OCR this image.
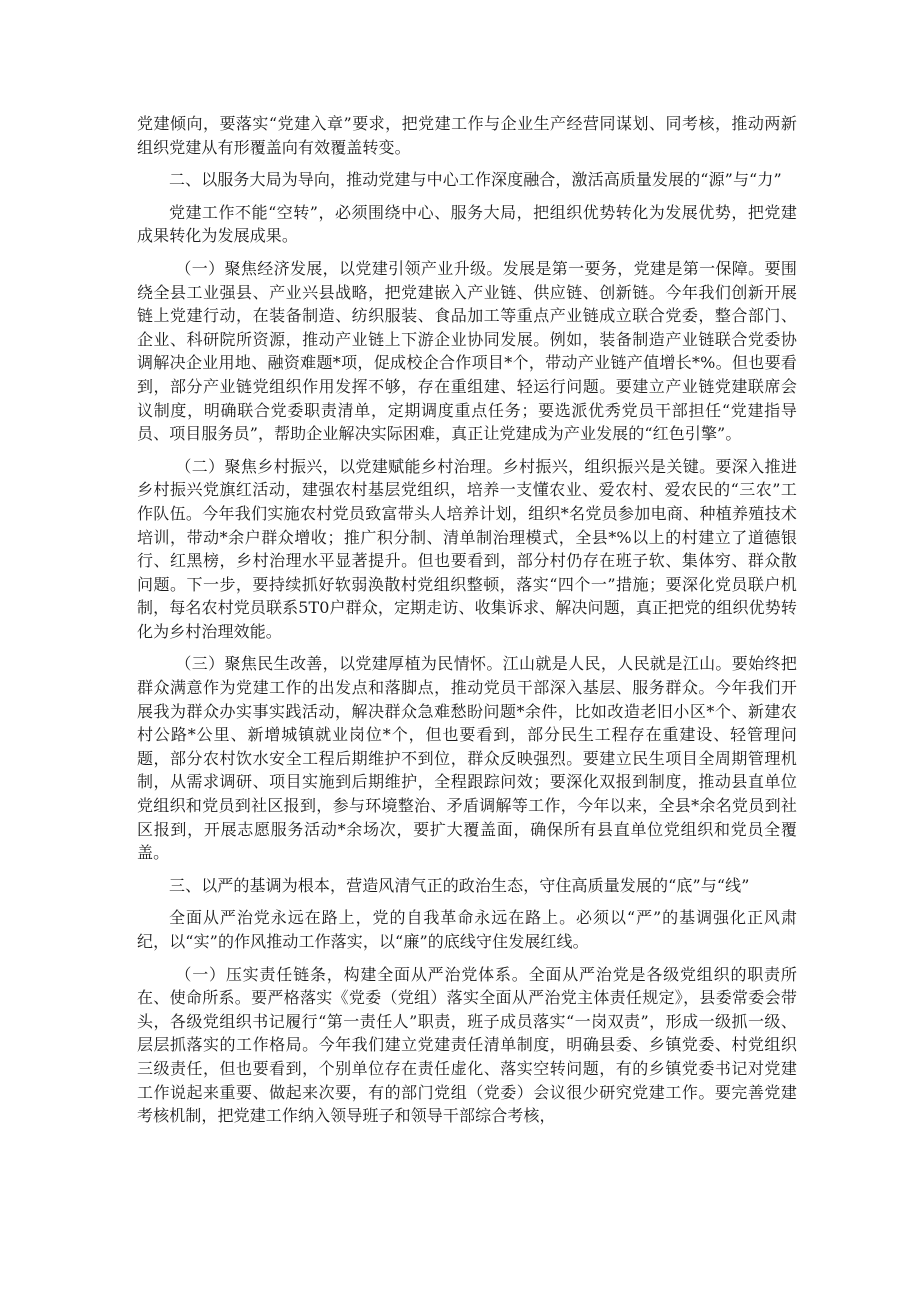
党建倾向，要落实“党建入章”要求，把党建工作与企业生产经营同谋划、同考核，推动两新组织党建从有形覆盖向有效覆盖转变。

二、以服务大局为导向，推动党建与中心工作深度融合，激活高质量发展的“源”与“力”

党建工作不能“空转”，必须围绕中心、服务大局，把组织优势转化为发展优势，把党建成果转化为发展成果。

（一）聚焦经济发展，以党建引领产业升级。发展是第一要务，党建是第一保障。要围绕全县工业强县、产业兴县战略，把党建嵌入产业链、供应链、创新链。今年我们创新开展链上党建行动，在装备制造、纺织服装、食品加工等重点产业链成立联合党委，整合部门、企业、科研院所资源，推动产业链上下游企业协同发展。例如，装备制造产业链联合党委协调解决企业用地、融资难题*项，促成校企合作项目*个，带动产业链产值增长*%。但也要看到，部分产业链党组织作用发挥不够，存在重组建、轻运行问题。要建立产业链党建联席会议制度，明确联合党委职责清单，定期调度重点任务；要选派优秀党员干部担任“党建指导员、项目服务员”，帮助企业解决实际困难，真正让党建成为产业发展的“红色引擎”。

（二）聚焦乡村振兴，以党建赋能乡村治理。乡村振兴，组织振兴是关键。要深入推进乡村振兴党旗红活动，建强农村基层党组织，培养一支懂农业、爱农村、爱农民的“三农”工作队伍。今年我们实施农村党员致富带头人培养计划，组织*名党员参加电商、种植养殖技术培训，带动*余户群众增收；推广积分制、清单制治理模式，全县*%以上的村建立了道德银行、红黑榜，乡村治理水平显著提升。但也要看到，部分村仍存在班子软、集体穷、群众散问题。下一步，要持续抓好软弱涣散村党组织整顿，落实“四个一”措施；要深化党员联户机制，每名农村党员联系5T0户群众，定期走访、收集诉求、解决问题，真正把党的组织优势转化为乡村治理效能。

（三）聚焦民生改善，以党建厚植为民情怀。江山就是人民，人民就是江山。要始终把群众满意作为党建工作的出发点和落脚点，推动党员干部深入基层、服务群众。今年我们开展我为群众办实事实践活动，解决群众急难愁盼问题*余件，比如改造老旧小区*个、新建农村公路*公里、新增城镇就业岗位*个，但也要看到，部分民生工程存在重建设、轻管理问题，部分农村饮水安全工程后期维护不到位，群众反映强烈。要建立民生项目全周期管理机制，从需求调研、项目实施到后期维护，全程跟踪问效；要深化双报到制度，推动县直单位党组织和党员到社区报到，参与环境整治、矛盾调解等工作，今年以来，全县*余名党员到社区报到，开展志愿服务活动*余场次，要扩大覆盖面，确保所有县直单位党组织和党员全覆盖。

三、以严的基调为根本，营造风清气正的政治生态，守住高质量发展的“底”与“线”

全面从严治党永远在路上，党的自我革命永远在路上。必须以“严”的基调强化正风肃纪，以“实”的作风推动工作落实，以“廉”的底线守住发展红线。

（一）压实责任链条，构建全面从严治党体系。全面从严治党是各级党组织的职责所在、使命所系。要严格落实《党委（党组）落实全面从严治党主体责任规定》，县委常委会带头，各级党组织书记履行“第一责任人”职责，班子成员落实“一岗双责”，形成一级抓一级、层层抓落实的工作格局。今年我们建立党建责任清单制度，明确县委、乡镇党委、村党组织三级责任，但也要看到，个别单位存在责任虚化、落实空转问题，有的乡镇党委书记对党建工作说起来重要、做起来次要，有的部门党组（党委）会议很少研究党建工作。要完善党建考核机制，把党建工作纳入领导班子和领导干部综合考核，
